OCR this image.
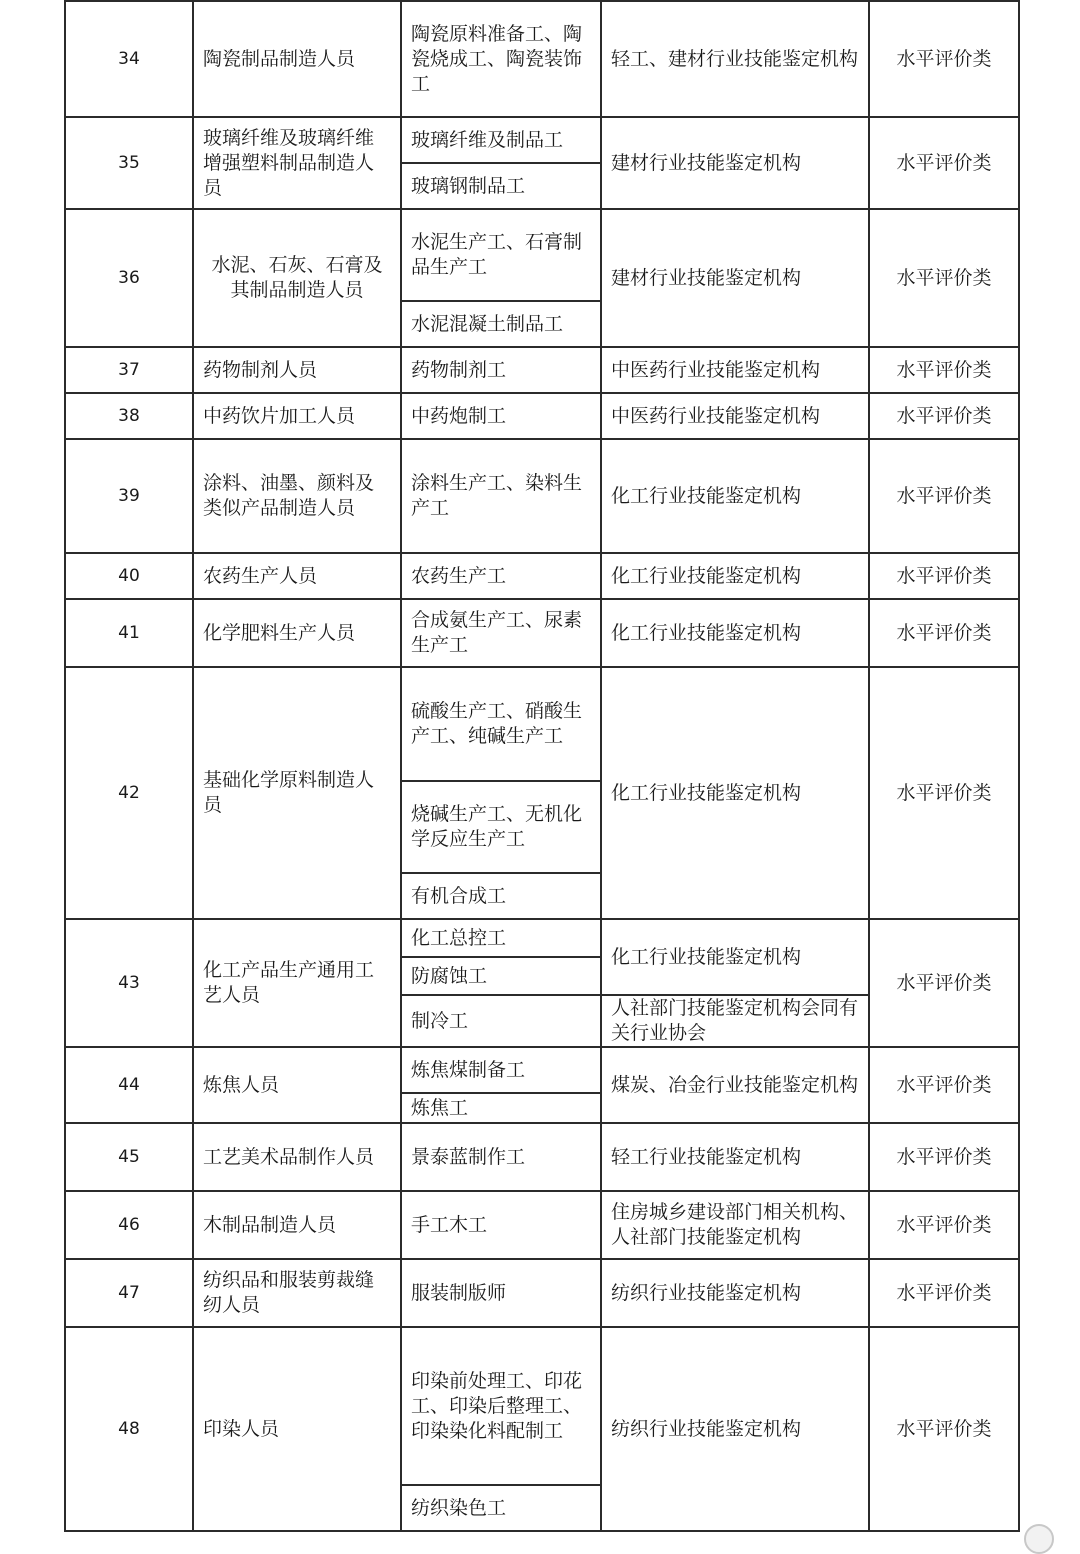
34	陶瓷制品制造人员	陶瓷原料准备工、陶瓷烧成工、陶瓷装饰工	轻工、建材行业技能鉴定机构	水平评价类
35	玻璃纤维及玻璃纤维增强塑料制品制造人员	玻璃纤维及制品工	建材行业技能鉴定机构	水平评价类
		玻璃钢制品工		
36	水泥、石灰、石膏及其制品制造人员	水泥生产工、石膏制品生产工	建材行业技能鉴定机构	水平评价类
		水泥混凝土制品工		
37	药物制剂人员	药物制剂工	中医药行业技能鉴定机构	水平评价类
38	中药饮片加工人员	中药炮制工	中医药行业技能鉴定机构	水平评价类
39	涂料、油墨、颜料及类似产品制造人员	涂料生产工、染料生产工	化工行业技能鉴定机构	水平评价类
40	农药生产人员	农药生产工	化工行业技能鉴定机构	水平评价类
41	化学肥料生产人员	合成氨生产工、尿素生产工	化工行业技能鉴定机构	水平评价类
42	基础化学原料制造人员	硫酸生产工、硝酸生产工、纯碱生产工	化工行业技能鉴定机构	水平评价类
		烧碱生产工、无机化学反应生产工		
		有机合成工		
43	化工产品生产通用工艺人员	化工总控工	化工行业技能鉴定机构	水平评价类
		防腐蚀工		
		制冷工	人社部门技能鉴定机构会同有关行业协会	
44	炼焦人员	炼焦煤制备工	煤炭、冶金行业技能鉴定机构	水平评价类
		炼焦工		
45	工艺美术品制作人员	景泰蓝制作工	轻工行业技能鉴定机构	水平评价类
46	木制品制造人员	手工木工	住房城乡建设部门相关机构、人社部门技能鉴定机构	水平评价类
47	纺织品和服装剪裁缝纫人员	服装制版师	纺织行业技能鉴定机构	水平评价类
48	印染人员	印染前处理工、印花工、印染后整理工、印染染化料配制工	纺织行业技能鉴定机构	水平评价类
		纺织染色工		
